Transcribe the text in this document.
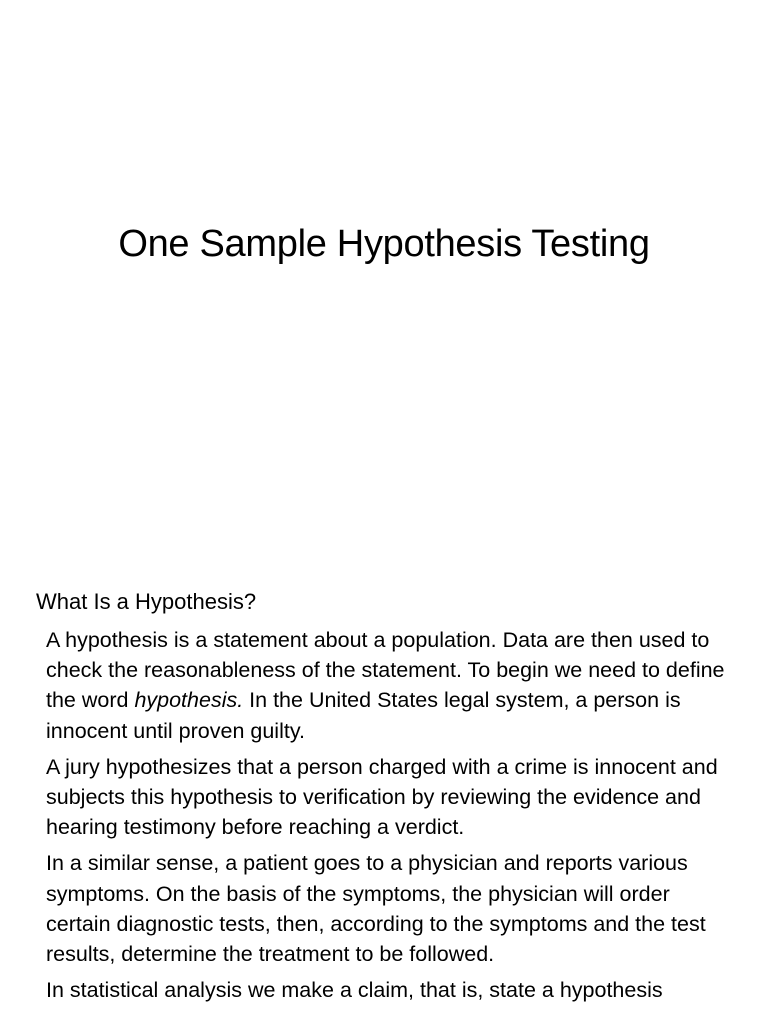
One Sample Hypothesis Testing
What Is a Hypothesis?

A hypothesis is a statement about a population. Data are then used to check the reasonableness of the statement. To begin we need to define the word hypothesis. In the United States legal system, a person is innocent until proven guilty.

A jury hypothesizes that a person charged with a crime is innocent and subjects this hypothesis to verification by reviewing the evidence and hearing testimony before reaching a verdict.

In a similar sense, a patient goes to a physician and reports various symptoms. On the basis of the symptoms, the physician will order certain diagnostic tests, then, according to the symptoms and the test results, determine the treatment to be followed.

In statistical analysis we make a claim, that is, state a hypothesis
